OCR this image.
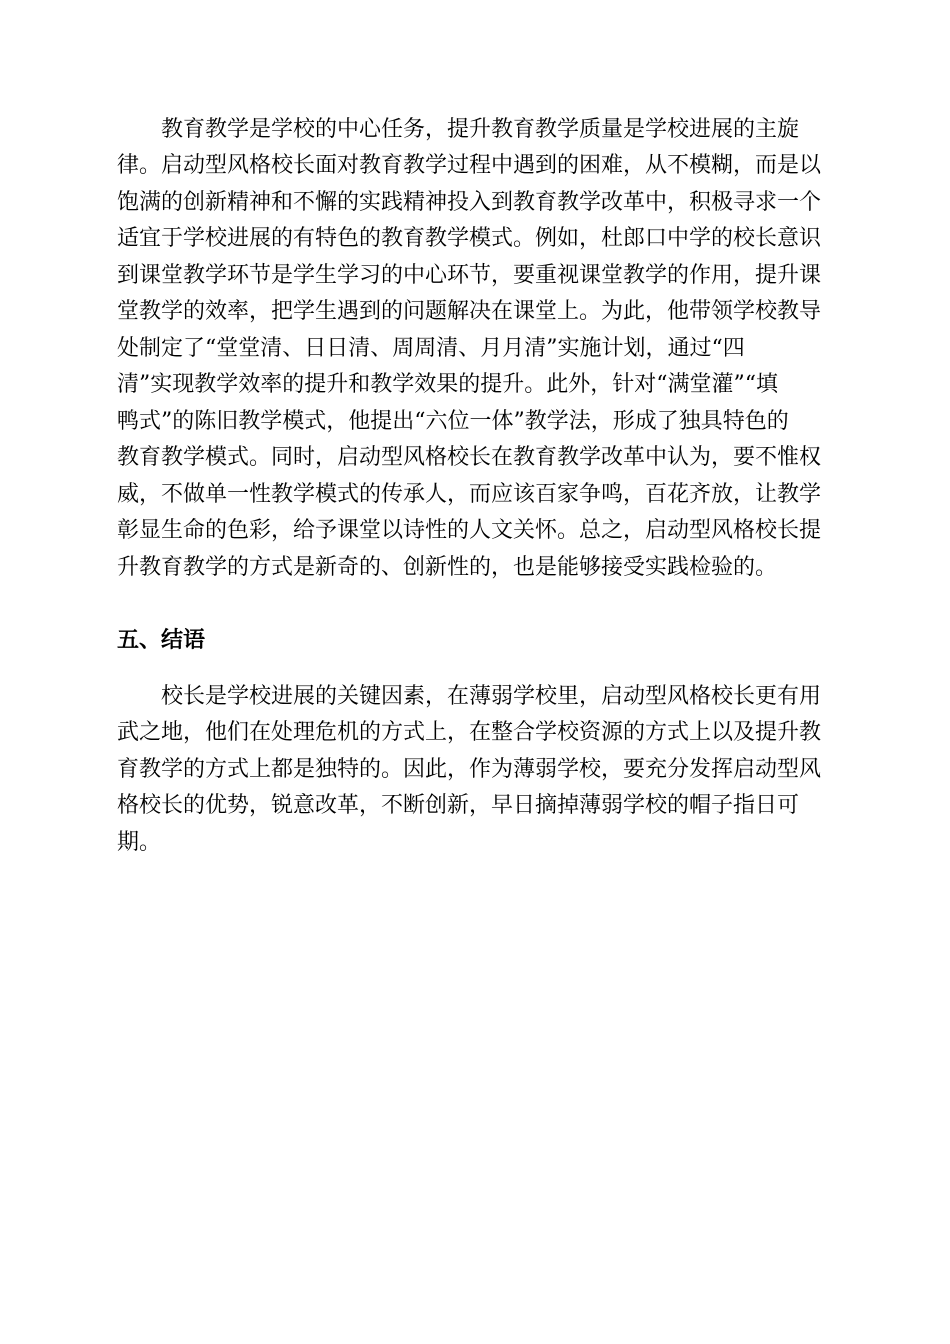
教育教学是学校的中心任务，提升教育教学质量是学校进展的主旋
律。启动型风格校长面对教育教学过程中遇到的困难，从不模糊，而是以
饱满的创新精神和不懈的实践精神投入到教育教学改革中，积极寻求一个
适宜于学校进展的有特色的教育教学模式。例如，杜郎口中学的校长意识
到课堂教学环节是学生学习的中心环节，要重视课堂教学的作用，提升课
堂教学的效率，把学生遇到的问题解决在课堂上。为此，他带领学校教导
处制定了“堂堂清、日日清、周周清、月月清”实施计划，通过“四
清”实现教学效率的提升和教学效果的提升。此外，针对“满堂灌”“填
鸭式”的陈旧教学模式，他提出“六位一体”教学法，形成了独具特色的
教育教学模式。同时，启动型风格校长在教育教学改革中认为，要不惟权
威，不做单一性教学模式的传承人，而应该百家争鸣，百花齐放，让教学
彰显生命的色彩，给予课堂以诗性的人文关怀。总之，启动型风格校长提
升教育教学的方式是新奇的、创新性的，也是能够接受实践检验的。
五、结语
校长是学校进展的关键因素，在薄弱学校里，启动型风格校长更有用
武之地，他们在处理危机的方式上，在整合学校资源的方式上以及提升教
育教学的方式上都是独特的。因此，作为薄弱学校，要充分发挥启动型风
格校长的优势，锐意改革，不断创新，早日摘掉薄弱学校的帽子指日可
期。
